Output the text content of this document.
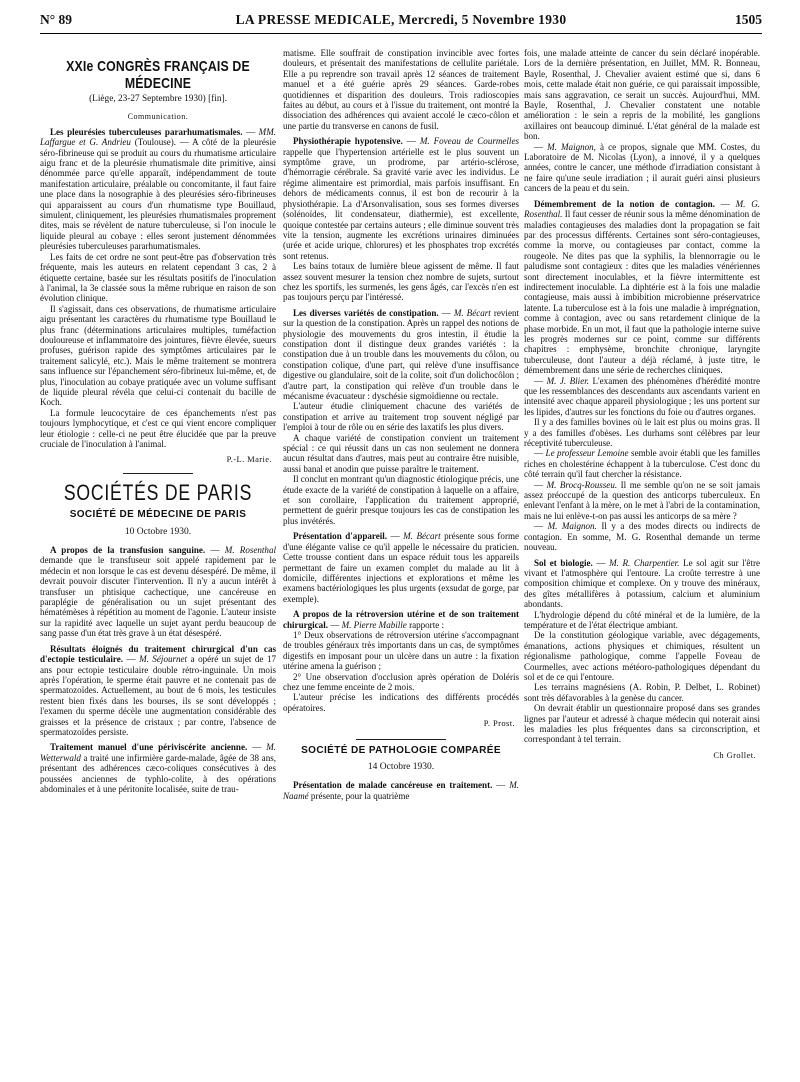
N° 89	LA PRESSE MEDICALE, Mercredi, 5 Novembre 1930	1505
XXIe CONGRÈS FRANÇAIS DE MÉDECINE
(Liège, 23-27 Septembre 1930) [fin].
Communication.

Les pleurésies tuberculeuses pararhumatismales. — MM. Laffargue et G. Andrieu (Toulouse). — A côté de la pleurésie séro-fibrineuse qui se produit au cours du rhumatisme articulaire aigu franc et de la pleurésie rhumatismale dite primitive, ainsi dénommée parce qu'elle apparaît, indépendamment de toute manifestation articulaire, préalable ou concomitante, il faut faire une place dans la nosographie à des pleurésies séro-fibrineuses qui apparaissent au cours d'un rhumatisme type Bouillaud, simulent, cliniquement, les pleurésies rhumatismales proprement dites, mais se révèlent de nature tuberculeuse, si l'on inocule le liquide pleural au cobaye : elles seront justement dénommées pleurésies tuberculeuses pararhumatismales.

Les faits de cet ordre ne sont peut-être pas d'observation très fréquente, mais les auteurs en relatent cependant 3 cas, 2 à étiquette certaine, basée sur les résultats positifs de l'inoculation à l'animal, la 3e classée sous la même rubrique en raison de son évolution clinique.

Il s'agissait, dans ces observations, de rhumatisme articulaire aigu présentant les caractères du rhumatisme type Bouillaud le plus franc (déterminations articulaires multiples, tuméfaction douloureuse et inflammatoire des jointures, fièvre élevée, sueurs profuses, guérison rapide des symptômes articulaires par le traitement salicylé, etc.). Mais le même traitement se montrera sans influence sur l'épanchement séro-fibrineux lui-même, et, de plus, l'inoculation au cobaye pratiquée avec un volume suffisant de liquide pleural révéla que celui-ci contenait du bacille de Koch.

La formule leucocytaire de ces épanchements n'est pas toujours lymphocytique, et c'est ce qui vient encore compliquer leur étiologie : celle-ci ne peut être élucidée que par la preuve cruciale de l'inoculation à l'animal.

P.-L. Marie.
SOCIÉTÉS DE PARIS
SOCIÉTÉ DE MÉDECINE DE PARIS
10 Octobre 1930.

A propos de la transfusion sanguine. — M. Rosenthal demande que le transfuseur soit appelé rapidement par le médecin et non lorsque le cas est devenu désespéré. De même, il devrait pouvoir discuter l'intervention. Il n'y a aucun intérêt à transfuser un phtisique cachectique, une cancéreuse en paraplégie de généralisation ou un sujet présentant des hématémèses à répétition au moment de l'agonie. L'auteur insiste sur la rapidité avec laquelle un sujet ayant perdu beaucoup de sang passe d'un état très grave à un état désespéré.

Résultats éloignés du traitement chirurgical d'un cas d'ectopie testiculaire. — M. Séjournet a opéré un sujet de 17 ans pour ectopie testiculaire double rétro-inguinale. Un mois après l'opération, le sperme était pauvre et ne contenait pas de spermatozoïdes. Actuellement, au bout de 6 mois, les testicules restent bien fixés dans les bourses, ils se sont développés ; l'examen du sperme décèle une augmentation considérable des graisses et la présence de cristaux ; par contre, l'absence de spermatozoïdes persiste.

Traitement manuel d'une périviscérite ancienne. — M. Wetterwald a traité une infirmière garde-malade, âgée de 38 ans, présentant des adhérences cæco-coliques consécutives à des poussées anciennes de typhlo-colite, à des opérations abdominales et à une péritonite localisée, suite de trau-

matisme. Elle souffrait de constipation invincible avec fortes douleurs, et présentait des manifestations de cellulite pariétale. Elle a pu reprendre son travail après 12 séances de traitement manuel et a été guérie après 29 séances. Garde-robes quotidiennes et disparition des douleurs. Trois radioscopies faites au début, au cours et à l'issue du traitement, ont montré la dissociation des adhérences qui avaient accolé le cæco-côlon et une partie du transverse en canons de fusil.

Physiothérapie hypotensive. — M. Foveau de Courmelles rappelle que l'hypertension artérielle est le plus souvent un symptôme grave, un prodrome, par artério-sclérose, d'hémorragie cérébrale. Sa gravité varie avec les individus. Le régime alimentaire est primordial, mais parfois insuffisant. En dehors de médicaments connus, il est bon de recourir à la physiothérapie. La d'Arsonvalisation, sous ses formes diverses (solénoïdes, lit condensateur, diathermie), est excellente, quoique contestée par certains auteurs ; elle diminue souvent très vite la tension, augmente les excrétions urinaires diminuées (urée et acide urique, chlorures) et les phosphates trop excrétés sont retenus.

Les bains totaux de lumière bleue agissent de même. Il faut assez souvent mesurer la tension chez nombre de sujets, surtout chez les sportifs, les surmenés, les gens âgés, car l'excès n'en est pas toujours perçu par l'intéressé.

Les diverses variétés de constipation. — M. Bécart revient sur la question de la constipation. Après un rappel des notions de physiologie des mouvements du gros intestin, il étudie la constipation dont il distingue deux grandes variétés : la constipation due à un trouble dans les mouvements du côlon, ou constipation colique, d'une part, qui relève d'une insuffisance digestive ou glandulaire, soit de la colite, soit d'un dolichocôlon ; d'autre part, la constipation qui relève d'un trouble dans le mécanisme évacuateur : dyschésie sigmoïdienne ou rectale.

L'auteur étudie cliniquement chacune des variétés de constipation et arrive au traitement trop souvent négligé par l'emploi à tour de rôle ou en série des laxatifs les plus divers.

A chaque variété de constipation convient un traitement spécial : ce qui réussit dans un cas non seulement ne donnera aucun résultat dans d'autres, mais peut au contraire être nuisible, aussi banal et anodin que puisse paraître le traitement.

Il conclut en montrant qu'un diagnostic étiologique précis, une étude exacte de la variété de constipation à laquelle on a affaire, et son corollaire, l'application du traitement approprié, permettent de guérir presque toujours les cas de constipation les plus invétérés.

Présentation d'appareil. — M. Bécart présente sous forme d'une élégante valise ce qu'il appelle le nécessaire du praticien. Cette trousse contient dans un espace réduit tous les appareils permettant de faire un examen complet du malade au lit à domicile, différentes injections et explorations et même les examens bactériologiques les plus urgents (exsudat de gorge, par exemple).

A propos de la rétroversion utérine et de son traitement chirurgical. — M. Pierre Mabille rapporte :

1° Deux observations de rétroversion utérine s'accompagnant de troubles généraux très importants dans un cas, de symptômes digestifs en imposant pour un ulcère dans un autre : la fixation utérine amena la guérison ;

2° Une observation d'occlusion après opération de Doléris chez une femme enceinte de 2 mois.

L'auteur précise les indications des différents procédés opératoires.

P. Prost.
SOCIÉTÉ DE PATHOLOGIE COMPARÉE
14 Octobre 1930.

Présentation de malade cancéreuse en traitement. — M. Naamé présente, pour la quatrième

fois, une malade atteinte de cancer du sein déclaré inopérable. Lors de la dernière présentation, en Juillet, MM. R. Bonneau, Bayle, Rosenthal, J. Chevalier avaient estimé que si, dans 6 mois, cette malade était non guérie, ce qui paraissait impossible, mais sans aggravation, ce serait un succès. Aujourd'hui, MM. Bayle, Rosenthal, J. Chevalier constatent une notable amélioration : le sein a repris de la mobilité, les ganglions axillaires ont beaucoup diminué. L'état général de la malade est bon.

— M. Maignon, à ce propos, signale que MM. Costes, du Laboratoire de M. Nicolas (Lyon), a innové, il y a quelques années, contre le cancer, une méthode d'irradiation consistant à ne faire qu'une seule irradiation ; il aurait guéri ainsi plusieurs cancers de la peau et du sein.

Démembrement de la notion de contagion. — M. G. Rosenthal. Il faut cesser de réunir sous la même dénomination de maladies contagieuses des maladies dont la propagation se fait par des processus différents. Certaines sont séro-contagieuses, comme la morve, ou contagieuses par contact, comme la rougeole. Ne dites pas que la syphilis, la blennorragie ou le paludisme sont contagieux : dites que les maladies vénériennes sont directement inoculables, et la fièvre intermittente est indirectement inoculable. La diphtérie est à la fois une maladie contagieuse, mais aussi à imbibition microbienne préservatrice latente. La tuberculose est à la fois une maladie à imprégnation, comme à contagion, avec ou sans retardement clinique de la phase morbide. En un mot, il faut que la pathologie interne suive les progrès modernes sur ce point, comme sur différents chapitres : emphysème, bronchite chronique, laryngite tuberculeuse, dont l'auteur a déjà réclamé, à juste titre, le démembrement dans une série de recherches cliniques.

— M. J. Blier. L'examen des phénomènes d'hérédité montre que les ressemblances des descendants aux ascendants varient en intensité avec chaque appareil physiologique ; les uns portent sur les lipides, d'autres sur les fonctions du foie ou d'autres organes.

Il y a des familles bovines où le lait est plus ou moins gras. Il y a des familles d'obèses. Les durhams sont célèbres par leur réceptivité tuberculeuse.

— Le professeur Lemoine semble avoir établi que les familles riches en cholestérine échappent à la tuberculose. C'est donc du côté terrain qu'il faut chercher la résistance.

— M. Brocq-Rousseu. Il me semble qu'on ne se soit jamais assez préoccupé de la question des anticorps tuberculeux. En enlevant l'enfant à la mère, on le met à l'abri de la contamination, mais ne lui enlève-t-on pas aussi les anticorps de sa mère ?

— M. Maignon. Il y a des modes directs ou indirects de contagion. En somme, M. G. Rosenthal demande un terme nouveau.

Sol et biologie. — M. R. Charpentier. Le sol agit sur l'être vivant et l'atmosphère qui l'entoure. La croûte terrestre à une composition chimique et complexe. On y trouve des minéraux, des gîtes métallifères à potassium, calcium et aluminium abondants.

L'hydrologie dépend du côté minéral et de la lumière, de la température et de l'état électrique ambiant.

De la constitution géologique variable, avec dégagements, émanations, actions physiques et chimiques, résultent un régionalisme pathologique, comme l'appelle Foveau de Courmelles, avec actions météoro-pathologiques dépendant du sol et de ce qui l'entoure.

Les terrains magnésiens (A. Robin, P. Delbet, L. Robinet) sont très défavorables à la genèse du cancer.

On devrait établir un questionnaire proposé dans ses grandes lignes par l'auteur et adressé à chaque médecin qui noterait ainsi les maladies les plus fréquentes dans sa circonscription, et correspondant à tel terrain.

Ch Grollet.
